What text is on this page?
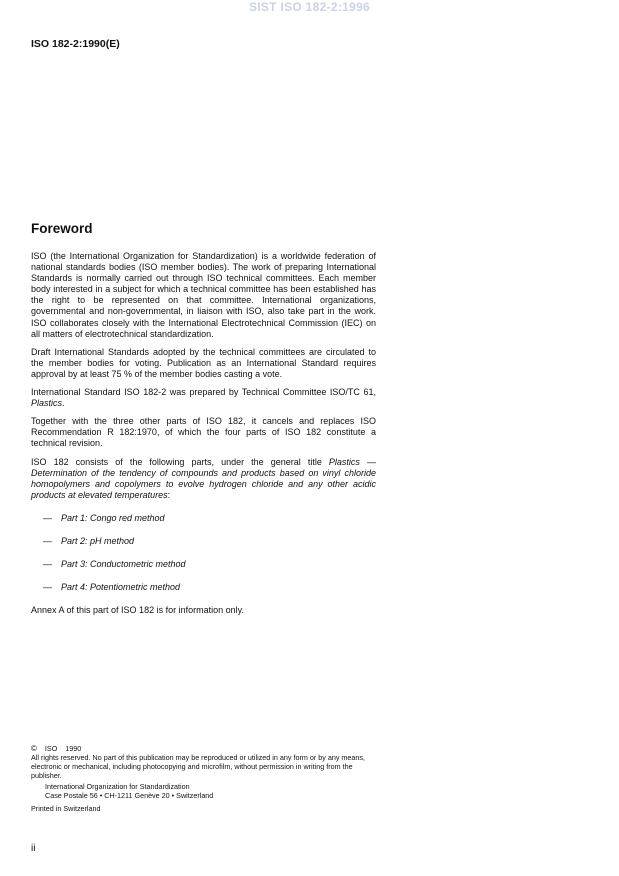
SIST ISO 182-2:1996
ISO 182-2:1990(E)
Foreword

ISO (the International Organization for Standardization) is a worldwide federation of national standards bodies (ISO member bodies). The work of preparing International Standards is normally carried out through ISO technical committees. Each member body interested in a subject for which a technical committee has been established has the right to be represented on that committee. International organizations, governmental and non-governmental, in liaison with ISO, also take part in the work. ISO collaborates closely with the International Electrotechnical Commission (IEC) on all matters of electrotechnical standardization.

Draft International Standards adopted by the technical committees are circulated to the member bodies for voting. Publication as an International Standard requires approval by at least 75 % of the member bodies casting a vote.

International Standard ISO 182-2 was prepared by Technical Committee ISO/TC 61, Plastics.

Together with the three other parts of ISO 182, it cancels and replaces ISO Recommendation R 182:1970, of which the four parts of ISO 182 constitute a technical revision.

ISO 182 consists of the following parts, under the general title Plastics — Determination of the tendency of compounds and products based on vinyl chloride homopolymers and copolymers to evolve hydrogen chloride and any other acidic products at elevated temperatures:

— Part 1: Congo red method
— Part 2: pH method
— Part 3: Conductometric method
— Part 4: Potentiometric method

Annex A of this part of ISO 182 is for information only.

© ISO 1990
All rights reserved. No part of this publication may be reproduced or utilized in any form or by any means, electronic or mechanical, including photocopying and microfilm, without permission in writing from the publisher.
International Organization for Standardization
Case Postale 56 • CH-1211 Genève 20 • Switzerland
Printed in Switzerland
ii
